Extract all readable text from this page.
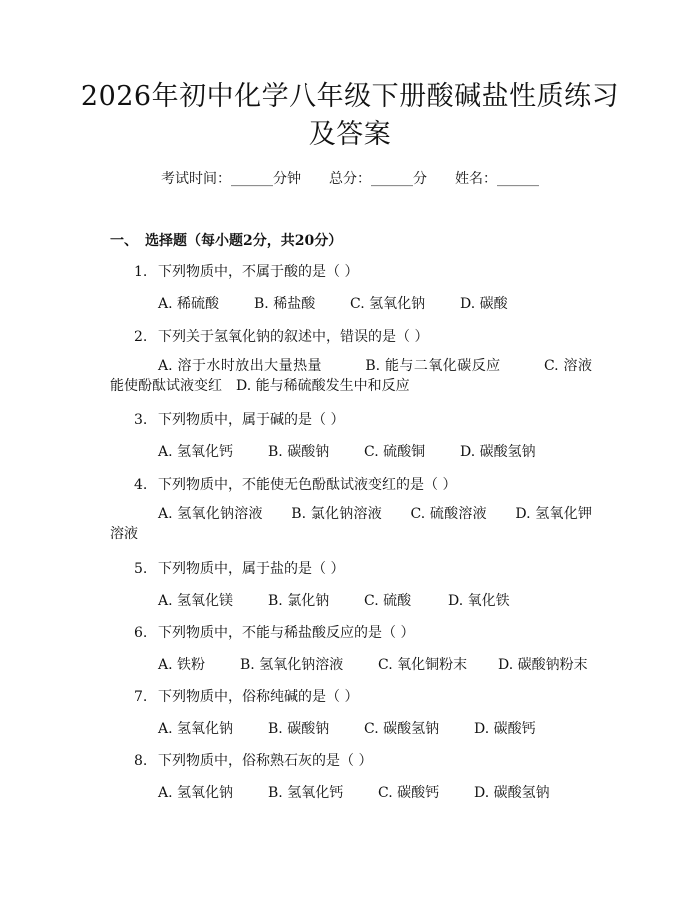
2026年初中化学八年级下册酸碱盐性质练习
及答案
考试时间：______分钟 总分：______分 姓名：______
一、　选择题（每小题2分，共20分）
1. 下列物质中，不属于酸的是（ ）
A. 稀硫酸 B. 稀盐酸 C. 氢氧化钠 D. 碳酸
2. 下列关于氢氧化钠的叙述中，错误的是（ ）
A. 溶于水时放出大量热量　　　	B. 能与二氧化碳反应　　　	C. 溶液能使酚酞试液变红　 D. 能与稀硫酸发生中和反应
3. 下列物质中，属于碱的是（ ）
A. 氢氧化钙 B. 碳酸钠 C. 硫酸铜 D. 碳酸氢钠
4. 下列物质中，不能使无色酚酞试液变红的是（ ）
A. 氢氧化钠溶液　　 B. 氯化钠溶液　　 C. 硫酸溶液　　 D. 氢氧化钾溶液
5. 下列物质中，属于盐的是（ ）
A. 氢氧化镁 B. 氯化钠 C. 硫酸	D. 氧化铁
6. 下列物质中，不能与稀盐酸反应的是（ ）
A. 铁粉 B. 氢氧化钠溶液 C. 氧化铜粉末 D. 碳酸钠粉末
7. 下列物质中，俗称纯碱的是（ ）
A. 氢氧化钠 B. 碳酸钠 C. 碳酸氢钠 D. 碳酸钙
8. 下列物质中，俗称熟石灰的是（ ）
A. 氢氧化钠 B. 氢氧化钙 C. 碳酸钙 D. 碳酸氢钠
